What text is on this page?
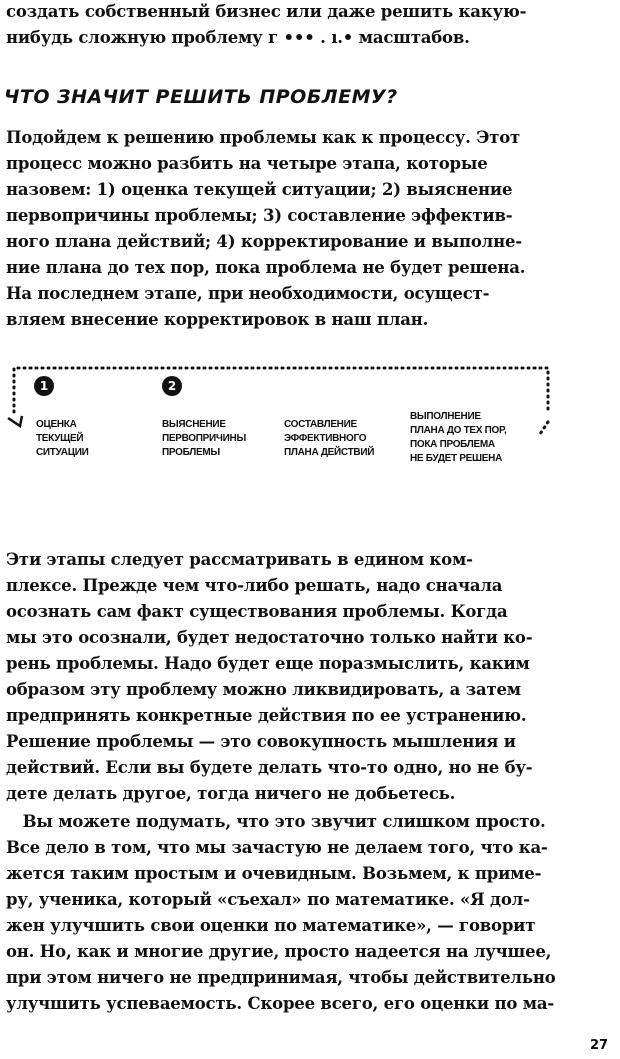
создать собственный бизнес или даже решить какую-
нибудь сложную проблему г ••• . ı.• масштабов.
ЧТО ЗНАЧИТ РЕШИТЬ ПРОБЛЕМУ?
Подойдем к решению проблемы как к процессу. Этот
процесс можно разбить на четыре этапа, которые
назовем: 1) оценка текущей ситуации; 2) выяснение
первопричины проблемы; 3) составление эффектив-
ного плана действий; 4) корректирование и выполне-
ние плана до тех пор, пока проблема не будет решена.
На последнем этапе, при необходимости, осущест-
вляем внесение корректировок в наш план.
1	2
ОЦЕНКА
ТЕКУЩЕЙ
СИТУАЦИИ
ВЫЯСНЕНИЕ
ПЕРВОПРИЧИНЫ
ПРОБЛЕМЫ
СОСТАВЛЕНИЕ
ЭФФЕКТИВНОГО
ПЛАНА ДЕЙСТВИЙ
ВЫПОЛНЕНИЕ
ПЛАНА ДО ТЕХ ПОР,
ПОКА ПРОБЛЕМА
НЕ БУДЕТ РЕШЕНА
Эти этапы следует рассматривать в едином ком-
плексе. Прежде чем что-либо решать, надо сначала
осознать сам факт существования проблемы. Когда
мы это осознали, будет недостаточно только найти ко-
рень проблемы. Надо будет еще поразмыслить, каким
образом эту проблему можно ликвидировать, а затем
предпринять конкретные действия по ее устранению.
Решение проблемы — это совокупность мышления и
действий. Если вы будете делать что-то одно, но не бу-
дете делать другое, тогда ничего не добьетесь.
Вы можете подумать, что это звучит слишком просто.
Все дело в том, что мы зачастую не делаем того, что ка-
жется таким простым и очевидным. Возьмем, к приме-
ру, ученика, который «съехал» по математике. «Я дол-
жен улучшить свои оценки по математике», — говорит
он. Но, как и многие другие, просто надеется на лучшее,
при этом ничего не предпринимая, чтобы действительно
улучшить успеваемость. Скорее всего, его оценки по ма-
27
